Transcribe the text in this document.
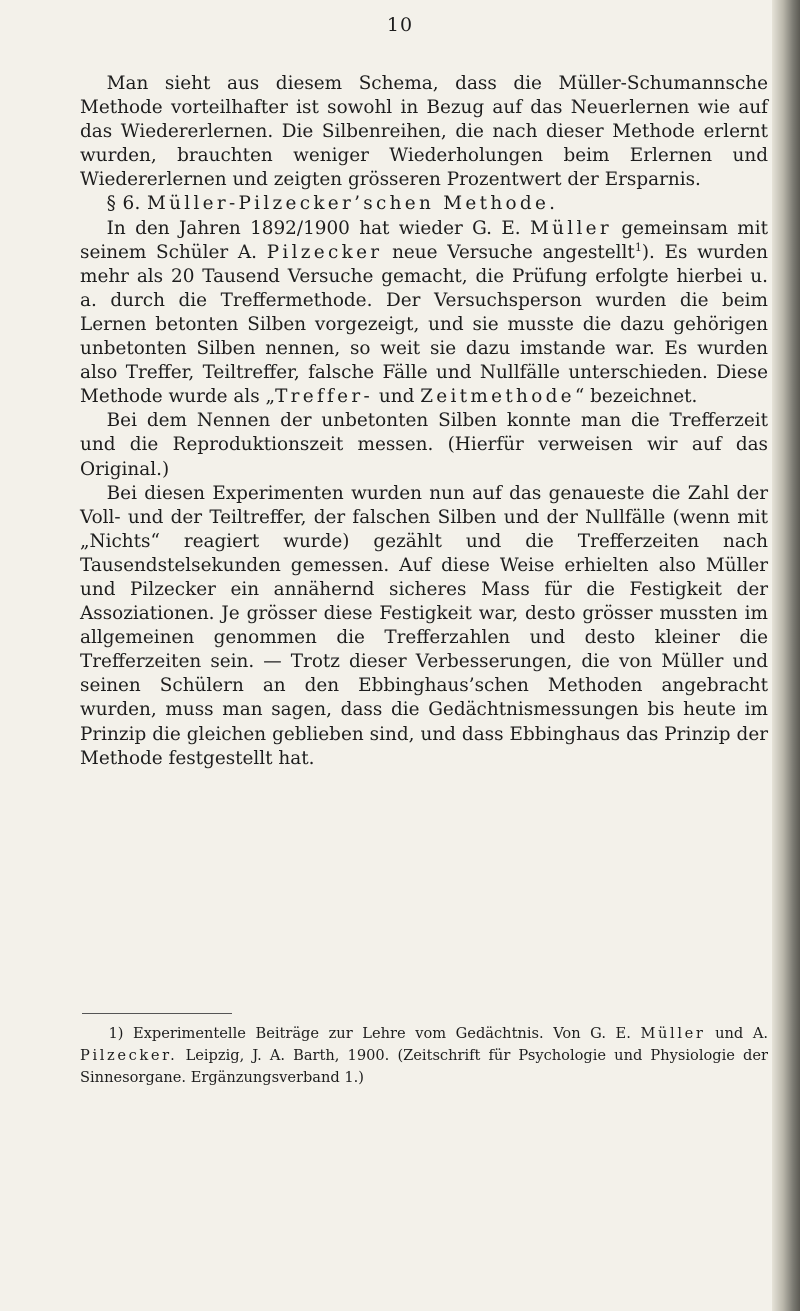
10

Man sieht aus diesem Schema, dass die Müller-Schumannsche Methode vorteilhafter ist sowohl in Bezug auf das Neuerlernen wie auf das Wiedererlernen. Die Silbenreihen, die nach dieser Methode erlernt wurden, brauchten weniger Wiederholungen beim Erlernen und Wiedererlernen und zeigten grösseren Prozentwert der Ersparnis.

§ 6. Müller-Pilzecker’schen Methode.

In den Jahren 1892/1900 hat wieder G. E. Müller gemeinsam mit seinem Schüler A. Pilzecker neue Versuche angestellt$^1$). Es wurden mehr als 20 Tausend Versuche gemacht, die Prüfung erfolgte hierbei u. a. durch die Treffermethode. Der Versuchsperson wurden die beim Lernen betonten Silben vorgezeigt, und sie musste die dazu gehörigen unbetonten Silben nennen, so weit sie dazu imstande war. Es wurden also Treffer, Teiltreffer, falsche Fälle und Nullfälle unterschieden. Diese Methode wurde als „Treffer- und Zeitmethode“ bezeichnet.

Bei dem Nennen der unbetonten Silben konnte man die Trefferzeit und die Reproduktionszeit messen. (Hierfür verweisen wir auf das Original.)

Bei diesen Experimenten wurden nun auf das genaueste die Zahl der Voll- und der Teiltreffer, der falschen Silben und der Nullfälle (wenn mit „Nichts“ reagiert wurde) gezählt und die Trefferzeiten nach Tausendstelsekunden gemessen. Auf diese Weise erhielten also Müller und Pilzecker ein annähernd sicheres Mass für die Festigkeit der Assoziationen. Je grösser diese Festigkeit war, desto grösser mussten im allgemeinen genommen die Trefferzahlen und desto kleiner die Trefferzeiten sein. — Trotz dieser Verbesserungen, die von Müller und seinen Schülern an den Ebbinghaus’schen Methoden angebracht wurden, muss man sagen, dass die Gedächtnismessungen bis heute im Prinzip die gleichen geblieben sind, und dass Ebbinghaus das Prinzip der Methode festgestellt hat.

1) Experimentelle Beiträge zur Lehre vom Gedächtnis. Von G. E. Müller und A. Pilzecker. Leipzig, J. A. Barth, 1900. (Zeitschrift für Psychologie und Physiologie der Sinnesorgane. Ergänzungsverband 1.)
